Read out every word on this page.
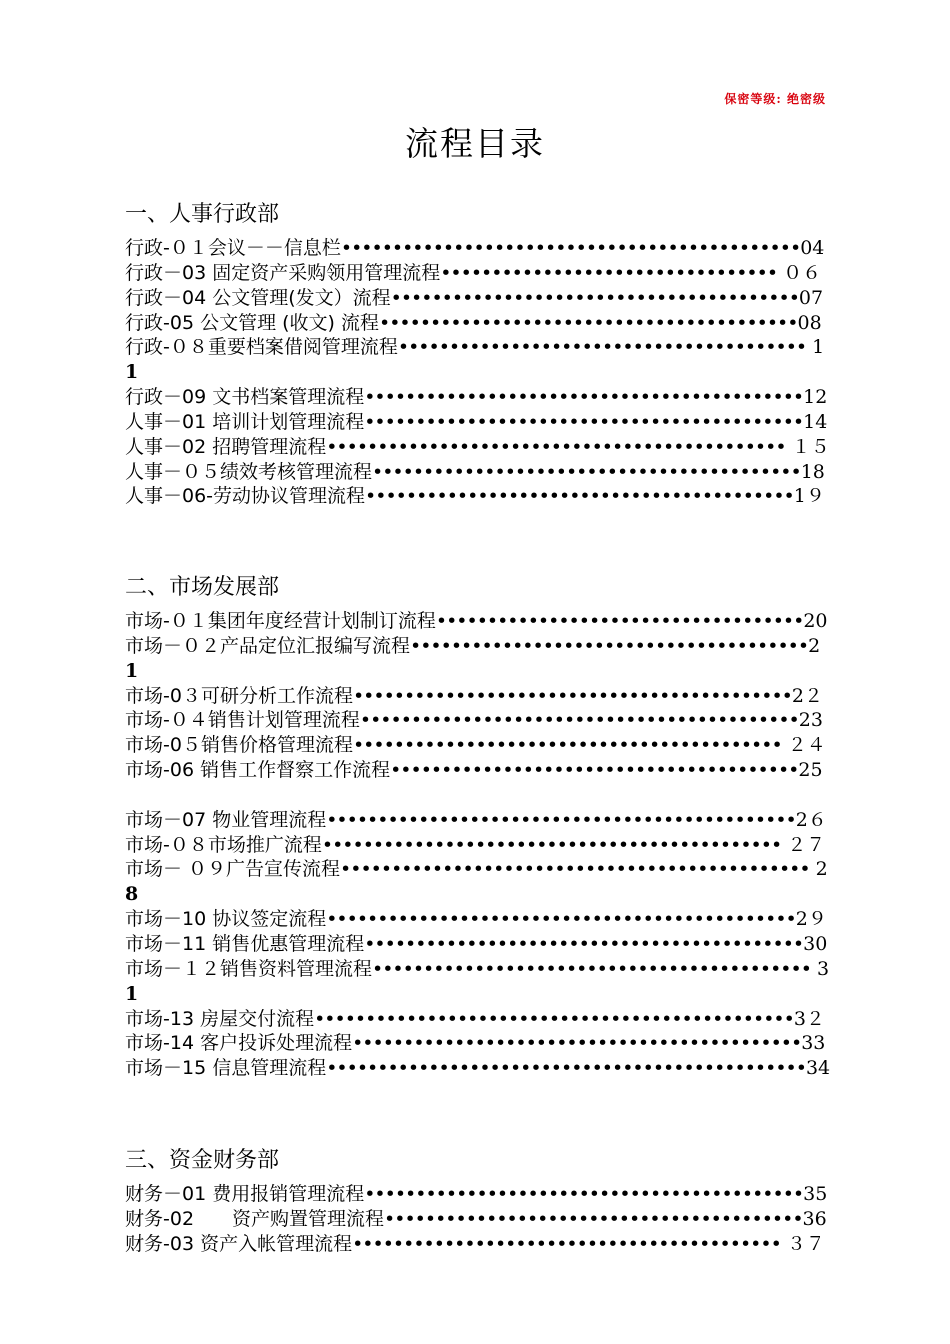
保密等级: 绝密级
流程目录
一、人事行政部
行政-０１会议－－信息栏•••••••••••••••••••••••••••••••••••••••••••••04
行政－03 固定资产采购领用管理流程••••••••••••••••••••••••••••••••• ０６
行政－04 公文管理(发文）流程••••••••••••••••••••••••••••••••••••••••07
行政-05 公文管理 (收文) 流程•••••••••••••••••••••••••••••••••••••••••08
行政-０８重要档案借阅管理流程•••••••••••••••••••••••••••••••••••••••• 1
1
行政－09 文书档案管理流程•••••••••••••••••••••••••••••••••••••••••••12
人事－01 培训计划管理流程•••••••••••••••••••••••••••••••••••••••••••14
人事－02 招聘管理流程••••••••••••••••••••••••••••••••••••••••••••• １５
人事－０５绩效考核管理流程••••••••••••••••••••••••••••••••••••••••••18
人事－06-劳动协议管理流程••••••••••••••••••••••••••••••••••••••••••1９
二、市场发展部
市场-０１集团年度经营计划制订流程••••••••••••••••••••••••••••••••••••20
市场－０２产品定位汇报编写流程•••••••••••••••••••••••••••••••••••••••2
1
市场-0３可研分析工作流程•••••••••••••••••••••••••••••••••••••••••••2２
市场-０４销售计划管理流程•••••••••••••••••••••••••••••••••••••••••••23
市场-0５销售价格管理流程•••••••••••••••••••••••••••••••••••••••••• ２４
市场-06 销售工作督察工作流程••••••••••••••••••••••••••••••••••••••••25
市场－07 物业管理流程••••••••••••••••••••••••••••••••••••••••••••••2６
市场-０８市场推广流程••••••••••••••••••••••••••••••••••••••••••••• ２７
市场－ ０９广告宣传流程•••••••••••••••••••••••••••••••••••••••••••••• 2
8
市场－10 协议签定流程••••••••••••••••••••••••••••••••••••••••••••••2９
市场－11 销售优惠管理流程•••••••••••••••••••••••••••••••••••••••••••30
市场－１２销售资料管理流程••••••••••••••••••••••••••••••••••••••••••• 3
1
市场-13 房屋交付流程•••••••••••••••••••••••••••••••••••••••••••••••3２
市场-14 客户投诉处理流程••••••••••••••••••••••••••••••••••••••••••••33
市场－15 信息管理流程•••••••••••••••••••••••••••••••••••••••••••••••34
三、资金财务部
财务－01 费用报销管理流程•••••••••••••••••••••••••••••••••••••••••••35
财务-02　　资产购置管理流程•••••••••••••••••••••••••••••••••••••••••36
财务-03 资产入帐管理流程•••••••••••••••••••••••••••••••••••••••••• ３７
